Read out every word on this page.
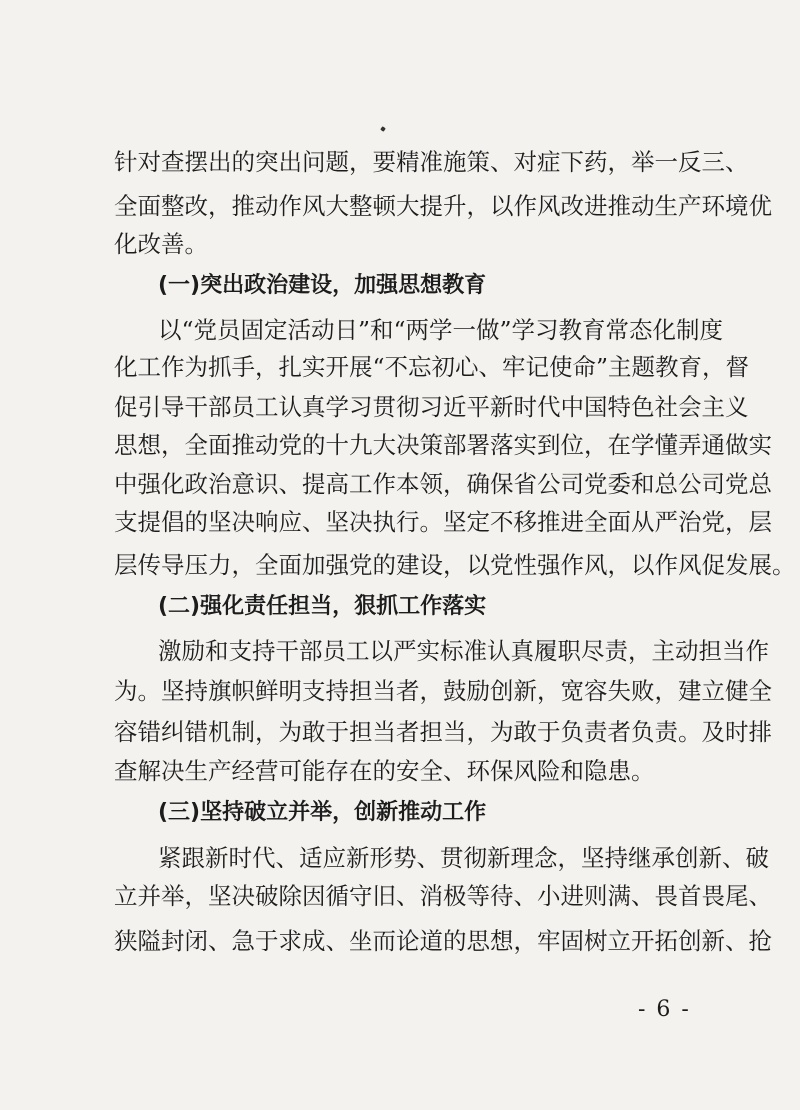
针对查摆出的突出问题，要精准施策、对症下药，举一反三、
全面整改，推动作风大整顿大提升，以作风改进推动生产环境优
化改善。
(一)突出政治建设，加强思想教育
以“党员固定活动日”和“两学一做”学习教育常态化制度
化工作为抓手，扎实开展“不忘初心、牢记使命”主题教育，督
促引导干部员工认真学习贯彻习近平新时代中国特色社会主义
思想，全面推动党的十九大决策部署落实到位，在学懂弄通做实
中强化政治意识、提高工作本领，确保省公司党委和总公司党总
支提倡的坚决响应、坚决执行。坚定不移推进全面从严治党，层
层传导压力，全面加强党的建设，以党性强作风，以作风促发展。
(二)强化责任担当，狠抓工作落实
激励和支持干部员工以严实标准认真履职尽责，主动担当作
为。坚持旗帜鲜明支持担当者，鼓励创新，宽容失败，建立健全
容错纠错机制，为敢于担当者担当，为敢于负责者负责。及时排
查解决生产经营可能存在的安全、环保风险和隐患。
(三)坚持破立并举，创新推动工作
紧跟新时代、适应新形势、贯彻新理念，坚持继承创新、破
立并举，坚决破除因循守旧、消极等待、小进则满、畏首畏尾、
狭隘封闭、急于求成、坐而论道的思想，牢固树立开拓创新、抢
- 6 -
